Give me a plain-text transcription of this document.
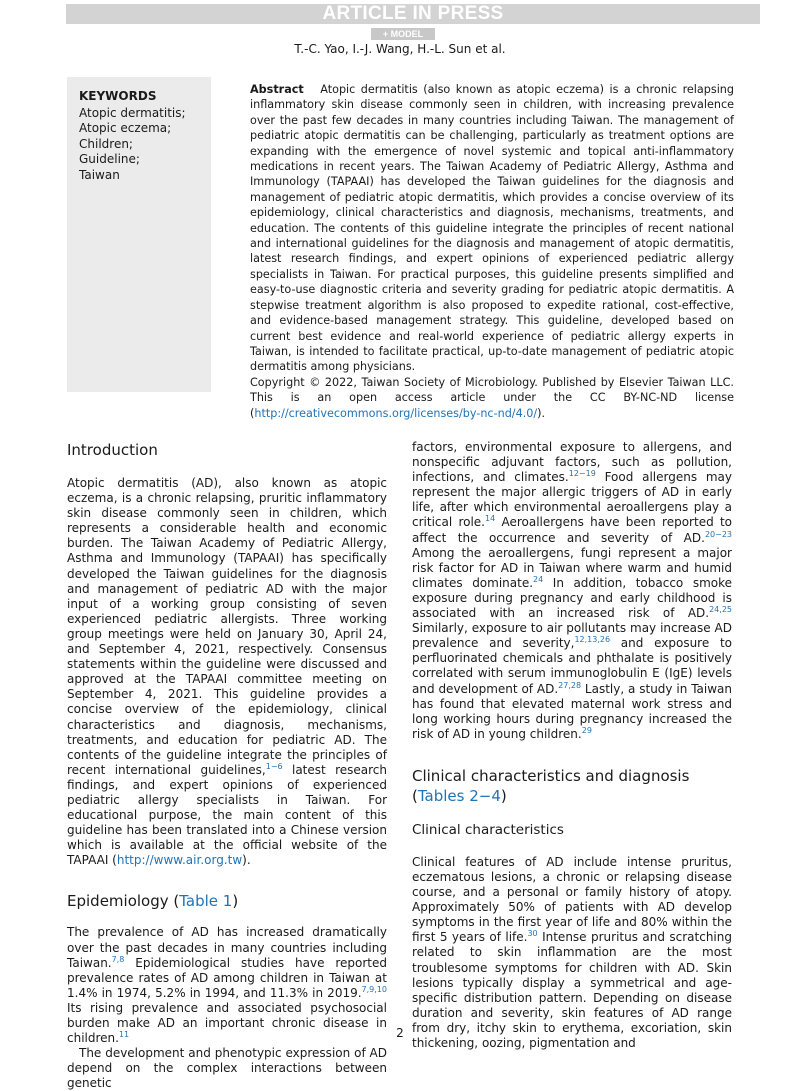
ARTICLE IN PRESS
+ MODEL
T.-C. Yao, I.-J. Wang, H.-L. Sun et al.
KEYWORDS
Atopic dermatitis;
Atopic eczema;
Children;
Guideline;
Taiwan

Abstract Atopic dermatitis (also known as atopic eczema) is a chronic relapsing inflammatory skin disease commonly seen in children, with increasing prevalence over the past few decades in many countries including Taiwan. The management of pediatric atopic dermatitis can be challenging, particularly as treatment options are expanding with the emergence of novel systemic and topical anti-inflammatory medications in recent years. The Taiwan Academy of Pediatric Allergy, Asthma and Immunology (TAPAAI) has developed the Taiwan guidelines for the diagnosis and management of pediatric atopic dermatitis, which provides a concise overview of its epidemiology, clinical characteristics and diagnosis, mechanisms, treatments, and education. The contents of this guideline integrate the principles of recent national and international guidelines for the diagnosis and management of atopic dermatitis, latest research findings, and expert opinions of experienced pediatric allergy specialists in Taiwan. For practical purposes, this guideline presents simplified and easy-to-use diagnostic criteria and severity grading for pediatric atopic dermatitis. A stepwise treatment algorithm is also proposed to expedite rational, cost-effective, and evidence-based management strategy. This guideline, developed based on current best evidence and real-world experience of pediatric allergy experts in Taiwan, is intended to facilitate practical, up-to-date management of pediatric atopic dermatitis among physicians.

Copyright © 2022, Taiwan Society of Microbiology. Published by Elsevier Taiwan LLC. This is an open access article under the CC BY-NC-ND license (http://creativecommons.org/licenses/by-nc-nd/4.0/).

Introduction

Atopic dermatitis (AD), also known as atopic eczema, is a chronic relapsing, pruritic inflammatory skin disease commonly seen in children, which represents a considerable health and economic burden. The Taiwan Academy of Pediatric Allergy, Asthma and Immunology (TAPAAI) has specifically developed the Taiwan guidelines for the diagnosis and management of pediatric AD with the major input of a working group consisting of seven experienced pediatric allergists. Three working group meetings were held on January 30, April 24, and September 4, 2021, respectively. Consensus statements within the guideline were discussed and approved at the TAPAAI committee meeting on September 4, 2021. This guideline provides a concise overview of the epidemiology, clinical characteristics and diagnosis, mechanisms, treatments, and education for pediatric AD. The contents of the guideline integrate the principles of recent international guidelines,$^{1-6}$ latest research findings, and expert opinions of experienced pediatric allergy specialists in Taiwan. For educational purpose, the main content of this guideline has been translated into a Chinese version which is available at the official website of the TAPAAI (http://www.air.org.tw).

Epidemiology (Table 1)

The prevalence of AD has increased dramatically over the past decades in many countries including Taiwan.$^{7,8}$ Epidemiological studies have reported prevalence rates of AD among children in Taiwan at 1.4% in 1974, 5.2% in 1994, and 11.3% in 2019.$^{7,9,10}$ Its rising prevalence and associated psychosocial burden make AD an important chronic disease in children.$^{11}$

The development and phenotypic expression of AD depend on the complex interactions between genetic

factors, environmental exposure to allergens, and nonspecific adjuvant factors, such as pollution, infections, and climates.$^{12-19}$ Food allergens may represent the major allergic triggers of AD in early life, after which environmental aeroallergens play a critical role.$^{14}$ Aeroallergens have been reported to affect the occurrence and severity of AD.$^{20-23}$ Among the aeroallergens, fungi represent a major risk factor for AD in Taiwan where warm and humid climates dominate.$^{24}$ In addition, tobacco smoke exposure during pregnancy and early childhood is associated with an increased risk of AD.$^{24,25}$ Similarly, exposure to air pollutants may increase AD prevalence and severity,$^{12,13,26}$ and exposure to perfluorinated chemicals and phthalate is positively correlated with serum immunoglobulin E (IgE) levels and development of AD.$^{27,28}$ Lastly, a study in Taiwan has found that elevated maternal work stress and long working hours during pregnancy increased the risk of AD in young children.$^{29}$

Clinical characteristics and diagnosis (Tables 2−4)
Clinical characteristics

Clinical features of AD include intense pruritus, eczematous lesions, a chronic or relapsing disease course, and a personal or family history of atopy. Approximately 50% of patients with AD develop symptoms in the first year of life and 80% within the first 5 years of life.$^{30}$ Intense pruritus and scratching related to skin inflammation are the most troublesome symptoms for children with AD. Skin lesions typically display a symmetrical and age-specific distribution pattern. Depending on disease duration and severity, skin features of AD range from dry, itchy skin to erythema, excoriation, skin thickening, oozing, pigmentation and

2
